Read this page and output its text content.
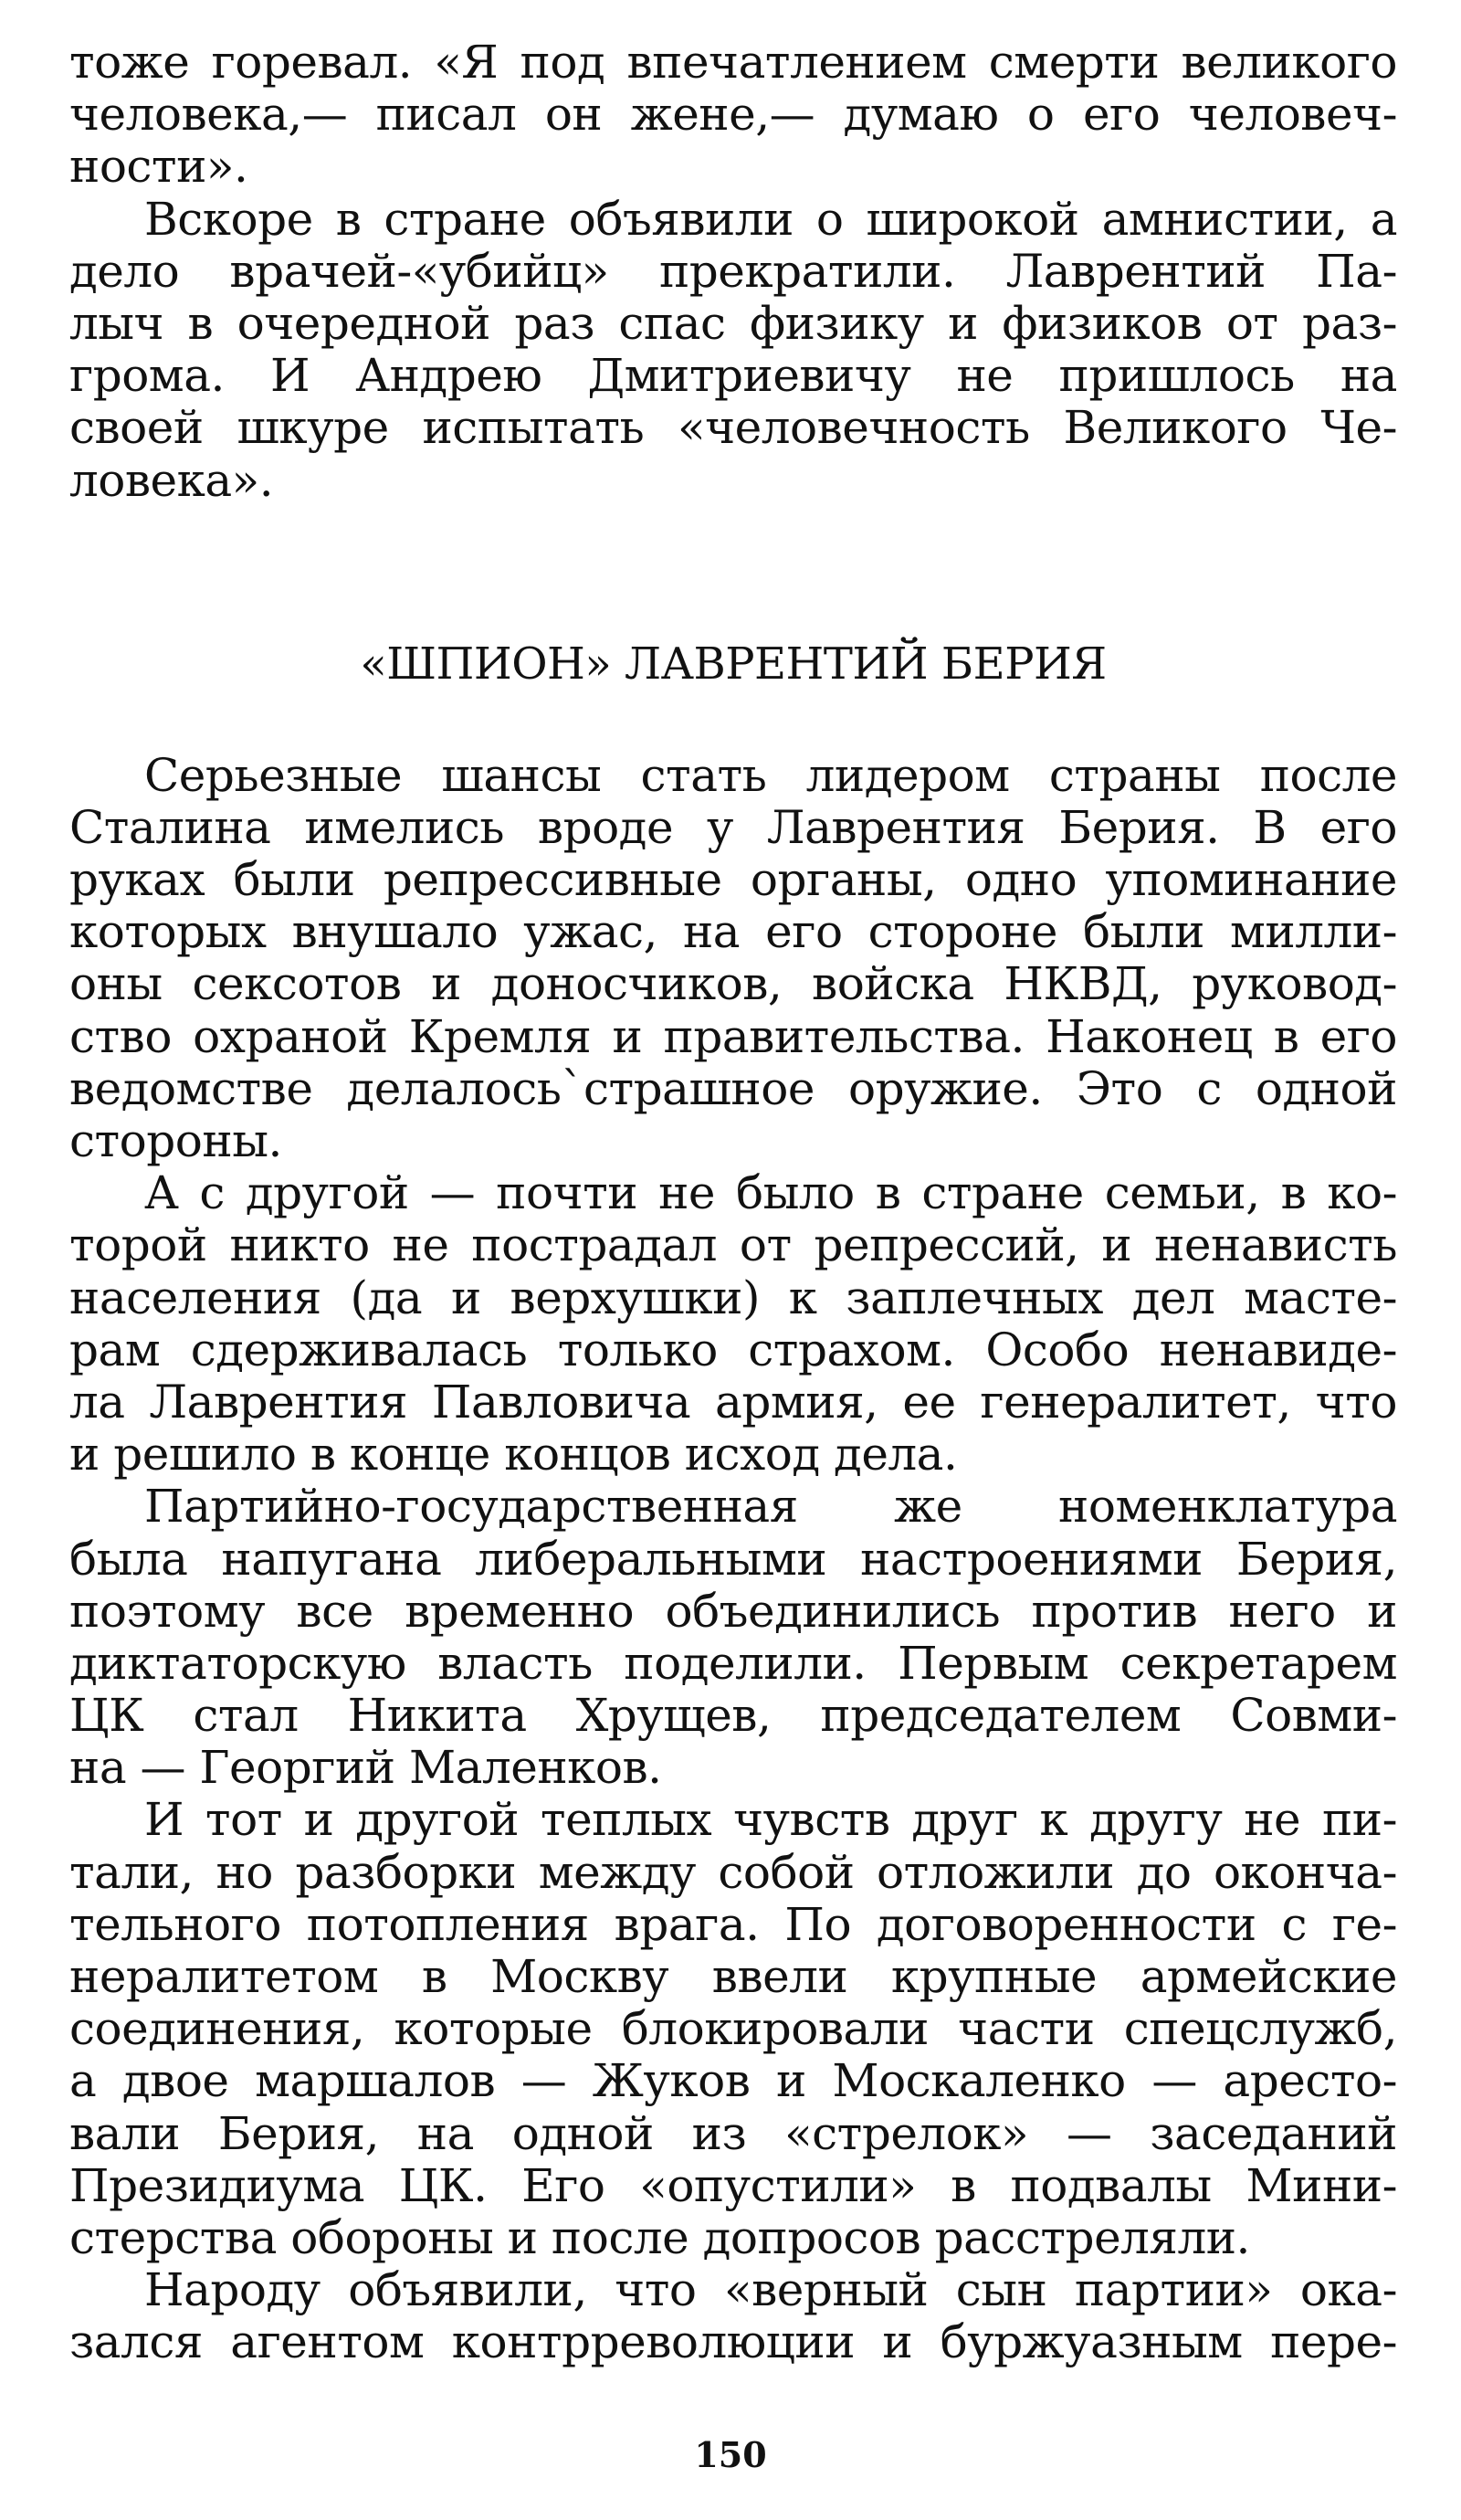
тоже горевал. «Я под впечатлением смерти великого
человека,— писал он жене,— думаю о его человеч-
ности».
Вскоре в стране объявили о широкой амнистии, а
дело врачей-«убийц» прекратили. Лаврентий Па-
лыч в очередной раз спас физику и физиков от раз-
грома. И Андрею Дмитриевичу не пришлось на
своей шкуре испытать «человечность Великого Че-
ловека».
«ШПИОН» ЛАВРЕНТИЙ БЕРИЯ
Серьезные шансы стать лидером страны после
Сталина имелись вроде у Лаврентия Берия. В его
руках были репрессивные органы, одно упоминание
которых внушало ужас, на его стороне были милли-
оны сексотов и доносчиков, войска НКВД, руковод-
ство охраной Кремля и правительства. Наконец в его
ведомстве делалось`страшное оружие. Это с одной
стороны.
А с другой — почти не было в стране семьи, в ко-
торой никто не пострадал от репрессий, и ненависть
населения (да и верхушки) к заплечных дел масте-
рам сдерживалась только страхом. Особо ненавиде-
ла Лаврентия Павловича армия, ее генералитет, что
и решило в конце концов исход дела.
Партийно-государственная же номенклатура
была напугана либеральными настроениями Берия,
поэтому все временно объединились против него и
диктаторскую власть поделили. Первым секретарем
ЦК стал Никита Хрущев, председателем Совми-
на — Георгий Маленков.
И тот и другой теплых чувств друг к другу не пи-
тали, но разборки между собой отложили до оконча-
тельного потопления врага. По договоренности с ге-
нералитетом в Москву ввели крупные армейские
соединения, которые блокировали части спецслужб,
а двое маршалов — Жуков и Москаленко — аресто-
вали Берия, на одной из «стрелок» — заседаний
Президиума ЦК. Его «опустили» в подвалы Мини-
стерства обороны и после допросов расстреляли.
Народу объявили, что «верный сын партии» ока-
зался агентом контрреволюции и буржуазным пере-
150
